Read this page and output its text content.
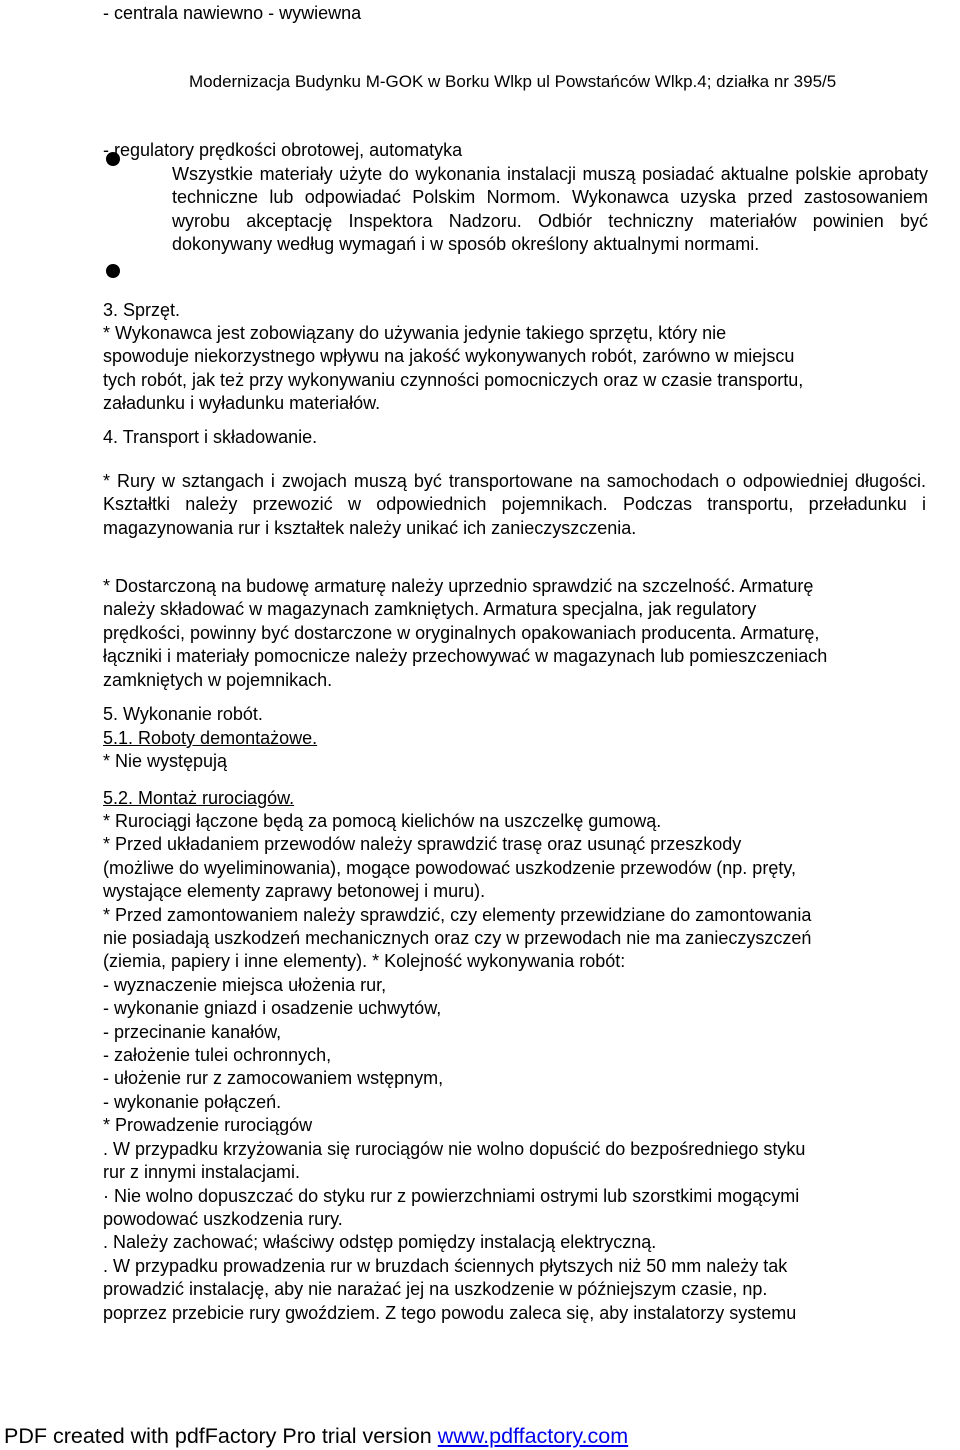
- centrala nawiewno - wywiewna
Modernizacja Budynku M-GOK w Borku Wlkp ul Powstańców Wlkp.4; działka nr 395/5
- regulatory prędkości obrotowej, automatyka
Wszystkie materiały użyte do wykonania instalacji muszą posiadać aktualne polskie aprobaty techniczne lub odpowiadać Polskim Normom. Wykonawca uzyska przed zastosowaniem wyrobu akceptację Inspektora Nadzoru. Odbiór techniczny materiałów powinien być dokonywany według wymagań i w sposób określony aktualnymi normami.
3. Sprzęt.
* Wykonawca jest zobowiązany do używania jedynie takiego sprzętu, który nie
spowoduje niekorzystnego wpływu na jakość wykonywanych robót, zarówno w miejscu
tych robót, jak też przy wykonywaniu czynności pomocniczych oraz w czasie transportu,
załadunku i wyładunku materiałów.
4. Transport i składowanie.
* Rury w sztangach i zwojach muszą być transportowane na samochodach o odpowiedniej długości. Kształtki należy przewozić w odpowiednich pojemnikach. Podczas transportu, przeładunku i magazynowania rur i kształtek należy unikać ich zanieczyszczenia.
* Dostarczoną na budowę armaturę należy uprzednio sprawdzić na szczelność. Armaturę
należy składować w magazynach zamkniętych. Armatura specjalna, jak regulatory
prędkości, powinny być dostarczone w oryginalnych opakowaniach producenta. Armaturę,
łączniki i materiały pomocnicze należy przechowywać w magazynach lub pomieszczeniach
zamkniętych w pojemnikach.
5. Wykonanie robót.
5.1. Roboty demontażowe.
* Nie występują
5.2. Montaż rurociagów.
* Rurociągi łączone będą za pomocą kielichów na uszczelkę gumową.
* Przed układaniem przewodów należy sprawdzić trasę oraz usunąć przeszkody
(możliwe do wyeliminowania), mogące powodować uszkodzenie przewodów (np. pręty,
wystające elementy zaprawy betonowej i muru).
* Przed zamontowaniem należy sprawdzić, czy elementy przewidziane do zamontowania
nie posiadają uszkodzeń mechanicznych oraz czy w przewodach nie ma zanieczyszczeń
(ziemia, papiery i inne elementy). * Kolejność wykonywania robót:
- wyznaczenie miejsca ułożenia rur,
- wykonanie gniazd i osadzenie uchwytów,
- przecinanie kanałów,
- założenie tulei ochronnych,
- ułożenie rur z zamocowaniem wstępnym,
- wykonanie połączeń.
* Prowadzenie rurociągów
. W przypadku krzyżowania się rurociągów nie wolno dopuścić do bezpośredniego styku
rur z innymi instalacjami.
· Nie wolno dopuszczać do styku rur z powierzchniami ostrymi lub szorstkimi mogącymi
powodować uszkodzenia rury.
. Należy zachować; właściwy odstęp pomiędzy instalacją elektryczną.
. W przypadku prowadzenia rur w bruzdach ściennych płytszych niż 50 mm należy tak
prowadzić instalację, aby nie narażać jej na uszkodzenie w późniejszym czasie, np.
poprzez przebicie rury gwoździem. Z tego powodu zaleca się, aby instalatorzy systemu
PDF created with pdfFactory Pro trial version www.pdffactory.com
